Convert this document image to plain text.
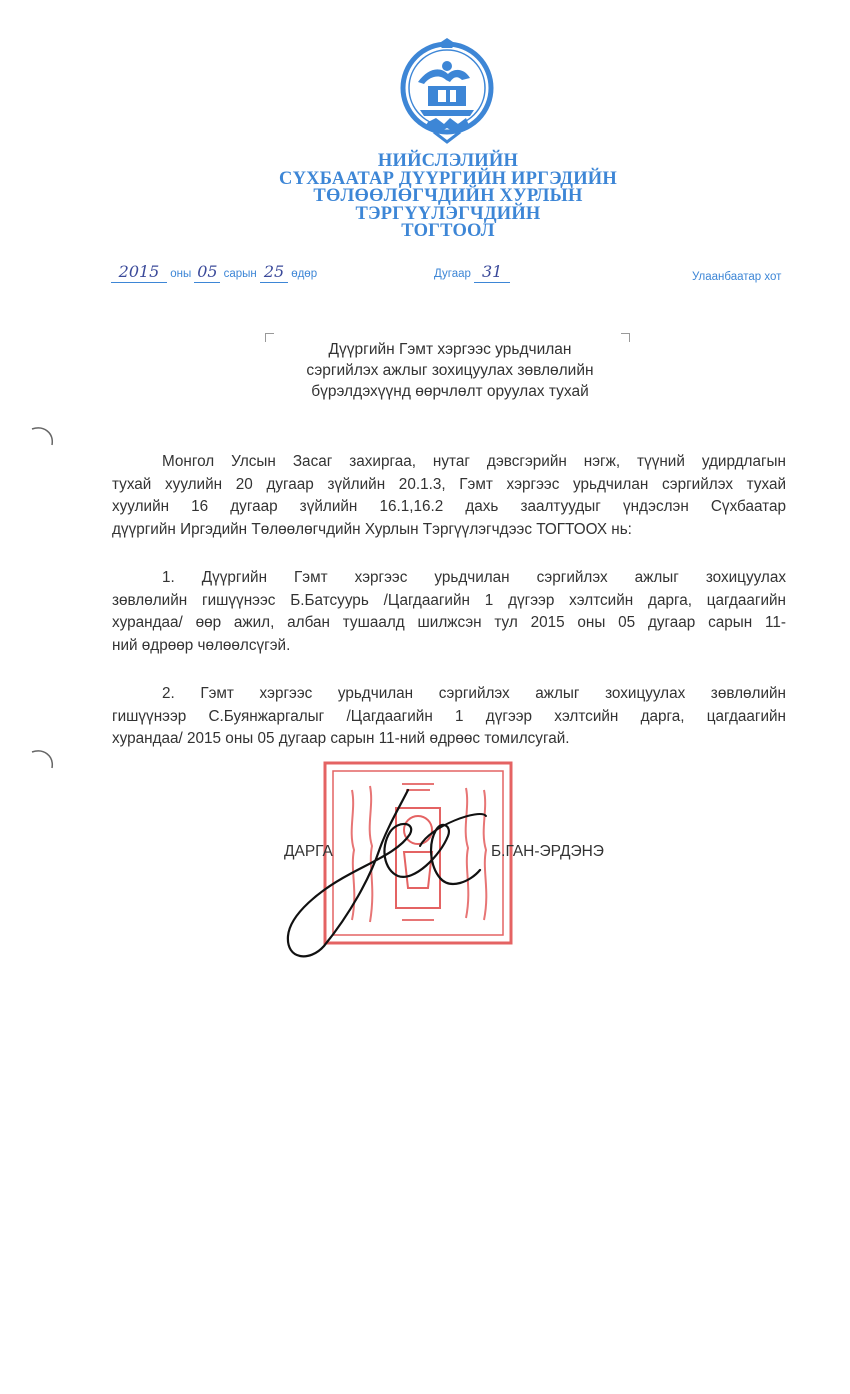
НИЙСЛЭЛИЙН
СҮХБААТАР ДҮҮРГИЙН ИРГЭДИЙН
ТӨЛӨӨЛӨГЧДИЙН ХУРЛЫН
ТЭРГҮҮЛЭГЧДИЙН
ТОГТООЛ
2015 оны 05 сарын 25 өдөр	Дугаар 31	Улаанбаатар хот
Дүүргийн Гэмт хэргээс урьдчилан
сэргийлэх ажлыг зохицуулах зөвлөлийн
бүрэлдэхүүнд өөрчлөлт оруулах тухай
Монгол Улсын Засаг захиргаа, нутаг дэвсгэрийн нэгж, түүний удирдлагын
тухай хуулийн 20 дугаар зүйлийн 20.1.3, Гэмт хэргээс урьдчилан сэргийлэх тухай
хуулийн 16 дугаар зүйлийн 16.1,16.2 дахь заалтуудыг үндэслэн Сүхбаатар
дүүргийн Иргэдийн Төлөөлөгчдийн Хурлын Тэргүүлэгчдээс ТОГТООХ нь:
1. Дүүргийн Гэмт хэргээс урьдчилан сэргийлэх ажлыг зохицуулах
зөвлөлийн гишүүнээс Б.Батсуурь /Цагдаагийн 1 дүгээр хэлтсийн дарга, цагдаагийн
хурандаа/ өөр ажил, албан тушаалд шилжсэн тул 2015 оны 05 дугаар сарын 11-
ний өдрөөр чөлөөлсүгэй.
2. Гэмт хэргээс урьдчилан сэргийлэх ажлыг зохицуулах зөвлөлийн
гишүүнээр С.Буянжаргалыг /Цагдаагийн 1 дүгээр хэлтсийн дарга, цагдаагийн
хурандаа/ 2015 оны 05 дугаар сарын 11-ний өдрөөс томилсугай.
ДАРГА	Б.ГАН-ЭРДЭНЭ
